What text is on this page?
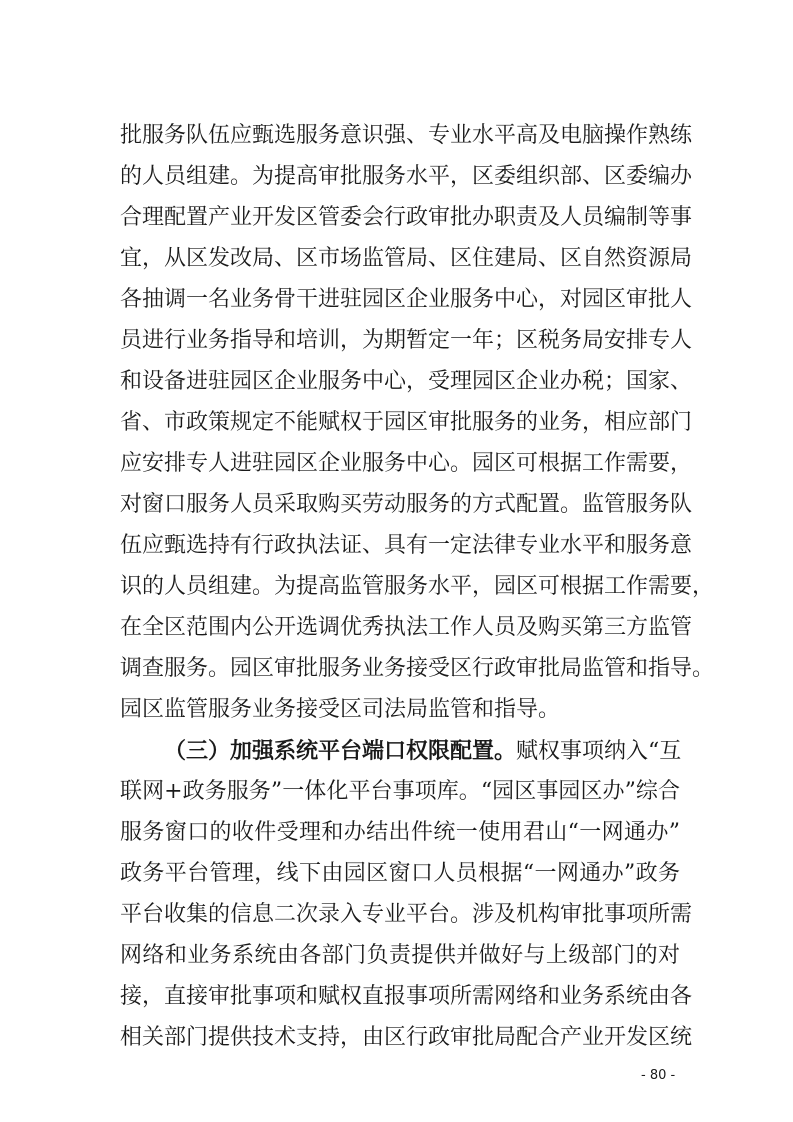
批服务队伍应甄选服务意识强、专业水平高及电脑操作熟练
的人员组建。为提高审批服务水平，区委组织部、区委编办
合理配置产业开发区管委会行政审批办职责及人员编制等事
宜，从区发改局、区市场监管局、区住建局、区自然资源局
各抽调一名业务骨干进驻园区企业服务中心，对园区审批人
员进行业务指导和培训，为期暂定一年；区税务局安排专人
和设备进驻园区企业服务中心，受理园区企业办税；国家、
省、市政策规定不能赋权于园区审批服务的业务，相应部门
应安排专人进驻园区企业服务中心。园区可根据工作需要，
对窗口服务人员采取购买劳动服务的方式配置。监管服务队
伍应甄选持有行政执法证、具有一定法律专业水平和服务意
识的人员组建。为提高监管服务水平，园区可根据工作需要，
在全区范围内公开选调优秀执法工作人员及购买第三方监管
调查服务。园区审批服务业务接受区行政审批局监管和指导。
园区监管服务业务接受区司法局监管和指导。
（三）加强系统平台端口权限配置。赋权事项纳入“互
联网+政务服务”一体化平台事项库。“园区事园区办”综合
服务窗口的收件受理和办结出件统一使用君山“一网通办”
政务平台管理，线下由园区窗口人员根据“一网通办”政务
平台收集的信息二次录入专业平台。涉及机构审批事项所需
网络和业务系统由各部门负责提供并做好与上级部门的对
接，直接审批事项和赋权直报事项所需网络和业务系统由各
相关部门提供技术支持，由区行政审批局配合产业开发区统
- 80 -
